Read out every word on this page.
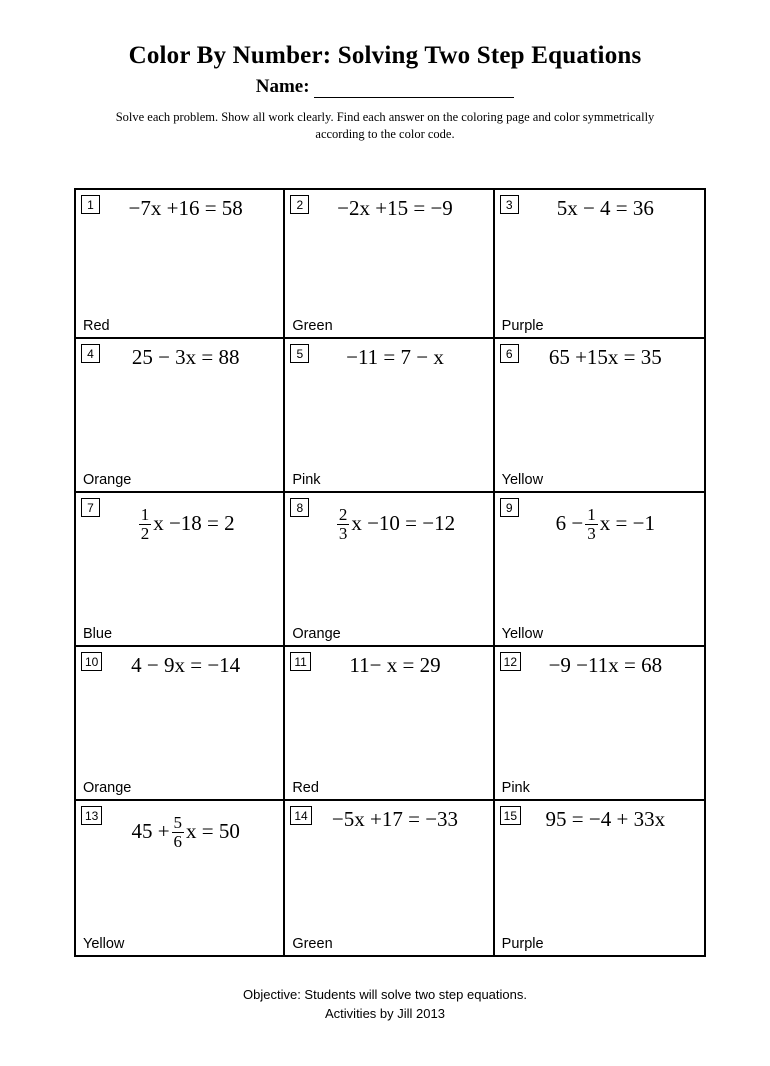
Color By Number: Solving Two Step Equations
Name:
Solve each problem. Show all work clearly. Find each answer on the coloring page and color symmetrically according to the color code.
1	−7x +16 = 58
Red
2	−2x +15 = −9
Green
3	5x − 4 = 36
Purple
4	25 − 3x = 88
Orange
5	−11 = 7 − x
Pink
6	65 +15x = 35
Yellow
7	$\frac{1}{2}$ x −18 = 2
Blue
8	$\frac{2}{3}$ x −10 = −12
Orange
9
$6 - \frac{1}{3}$ x = −1
Yellow
10	4 − 9x = −14
Orange
11	11− x = 29
Red
12	−9 −11x = 68
Pink
13
$45 + \frac{5}{6}$ x = 50
Yellow
14	−5x +17 = −33
Green
15	95 = −4 + 33x
Purple
Objective: Students will solve two step equations.
Activities by Jill 2013
